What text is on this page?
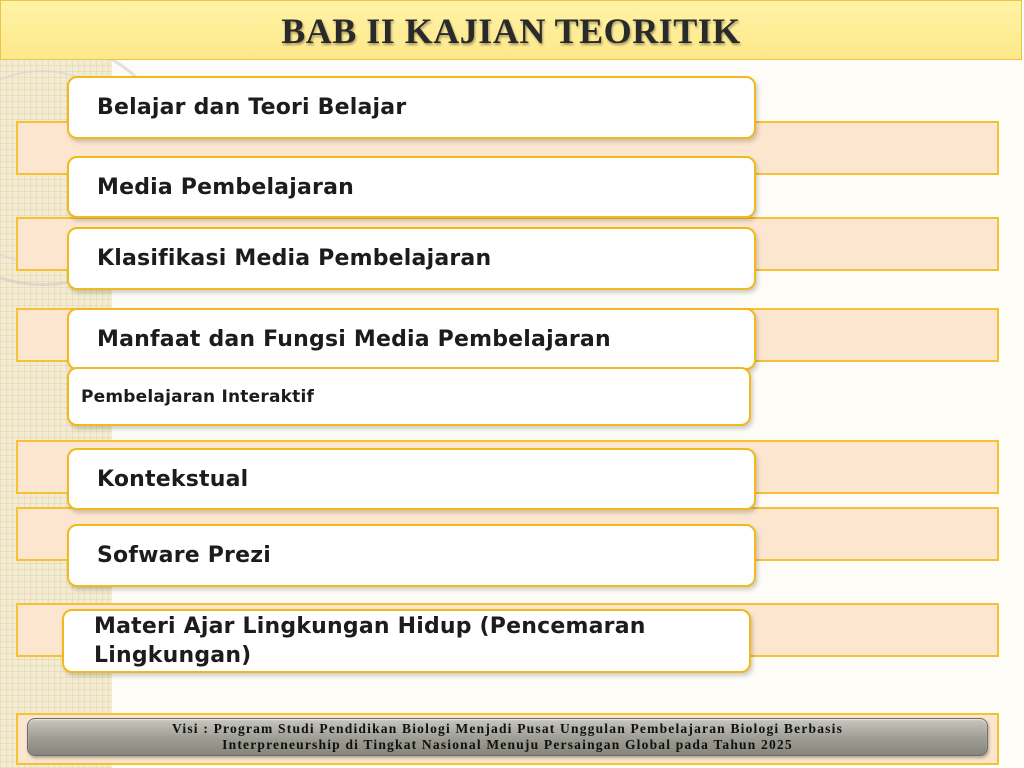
BAB II KAJIAN TEORITIK
Belajar dan Teori Belajar
Media Pembelajaran
Klasifikasi Media Pembelajaran
Manfaat dan Fungsi Media Pembelajaran
Pembelajaran Interaktif
Kontekstual
Sofware Prezi
Materi Ajar Lingkungan Hidup (Pencemaran
Lingkungan)
Visi : Program Studi Pendidikan Biologi Menjadi Pusat Unggulan Pembelajaran Biologi Berbasis
Interpreneurship di Tingkat Nasional Menuju Persaingan Global pada Tahun 2025
